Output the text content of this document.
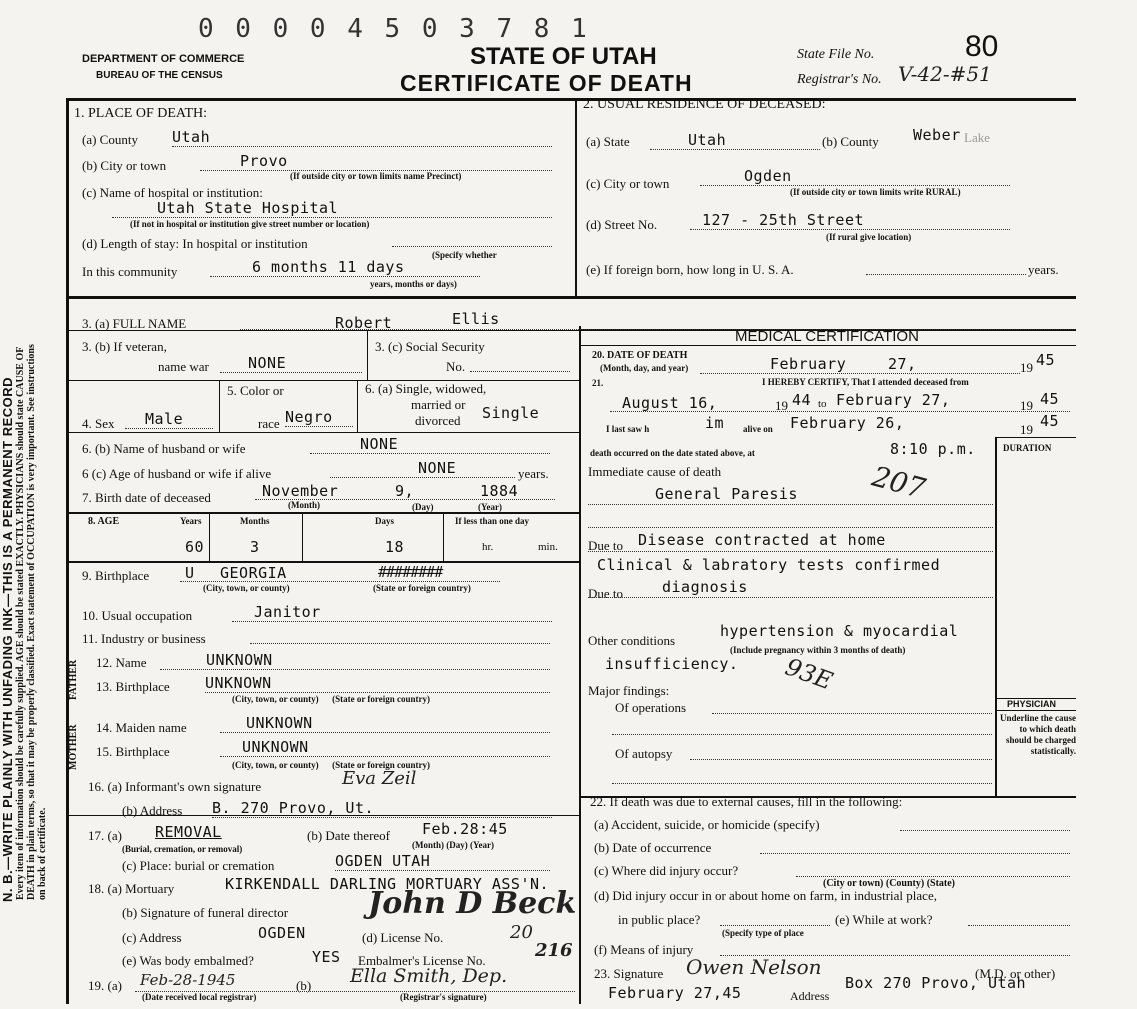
0 0 0 0 4 5 0 3 7 8 1
DEPARTMENT OF COMMERCE
BUREAU OF THE CENSUS
STATE OF UTAH
CERTIFICATE OF DEATH
State File No.	80
Registrar's No. V-42-#51
N. B.—WRITE PLAINLY WITH UNFADING INK—THIS IS A PERMANENT RECORD Every item of information should be carefully supplied. AGE should be stated EXACTLY. PHYSICIANS should state CAUSE OF DEATH in plain terms, so that it may be properly classified. Exact statement of OCCUPATION is very important. See instructions on back of certificate.
1. PLACE OF DEATH:
(a) County Utah
(b) City or town	Provo
(If outside city or town limits name Precinct)
(c) Name of hospital or institution:
Utah State Hospital
(If not in hospital or institution give street number or location)
(d) Length of stay: In hospital or institution
In this community	6 months 11 days
(Specify whether
years, months or days)
2. USUAL RESIDENCE OF DECEASED:
(a) State	Utah	(b) County Weber Lake
(c) City or town	Ogden
(If outside city or town limits write RURAL)
(d) Street No.	127 - 25th Street
(If rural give location)
(e) If foreign born, how long in U. S. A.	years.
3. (a) FULL NAME	Robert	Ellis
3. (b) If veteran,
name war	NONE
3. (c) Social Security
No.
5. Color or	6. (a) Single, widowed,
married or
divorced Single
4. Sex	Male	race Negro
6. (b) Name of husband or wife	NONE
6 (c) Age of husband or wife if alive	NONE	years.
7. Birth date of deceased	November	9,	1884
(Month)	(Day)	(Year)
8. AGE	Years	Months	Days	If less than one day
60	3	18	hr.	min.
9. Birthplace U GEORGIA	########
(City, town, or county)	(State or foreign country)
10. Usual occupation	Janitor
11. Industry or business
FATHER 12. Name	UNKNOWN
13. Birthplace UNKNOWN
(City, town, or county) (State or foreign country)
MOTHER 14. Maiden name	UNKNOWN
15. Birthplace	UNKNOWN
(City, town, or county) (State or foreign country)
16. (a) Informant's own signature	Eva Zeil
(b) Address B. 270 Provo, Ut.
17. (a) REMOVAL
(Burial, cremation, or removal)
(b) Date thereof Feb.28:45
(Month) (Day) (Year)
(c) Place: burial or cremation	OGDEN UTAH
18. (a) Mortuary	KIRKENDALL DARLING MORTUARY ASS'N.
(b) Signature of funeral director	John D Beck
(c) Address	OGDEN	(d) License No.	20
(e) Was body embalmed?	YES Embalmer's License No.	216
19. (a) Feb-28-1945	(b) Ella Smith, Dep.
(Date received local registrar)	(Registrar's signature)
MEDICAL CERTIFICATION
20. DATE OF DEATH
(Month, day, and year)	February	27,	19 45
21.	I HEREBY CERTIFY, That I attended deceased from
August 16,	19 44 to February 27,	19 45
I last saw h	im alive on February 26,	19 45
death occurred on the date stated above, at	8:10 p.m.	DURATION
Immediate cause of death
General Paresis	207
Due to Disease contracted at home
Clinical & labratory tests confirmed
Due to	diagnosis
Other conditions
hypertension & myocardial
(Include pregnancy within 3 months of death)
insufficiency. 93E
Major findings:
Of operations
Of autopsy
PHYSICIAN
Underline the cause to which death should be charged statistically.
22. If death was due to external causes, fill in the following:
(a) Accident, suicide, or homicide (specify)
(b) Date of occurrence
(c) Where did injury occur?
(City or town) (County) (State)
(d) Did injury occur in or about home on farm, in industrial place,
in public place?	(e) While at work?
(Specify type of place
(f) Means of injury
23. Signature Owen Nelson	(M.D. or other)
February 27,45	Address
Box 270 Provo, Utah
